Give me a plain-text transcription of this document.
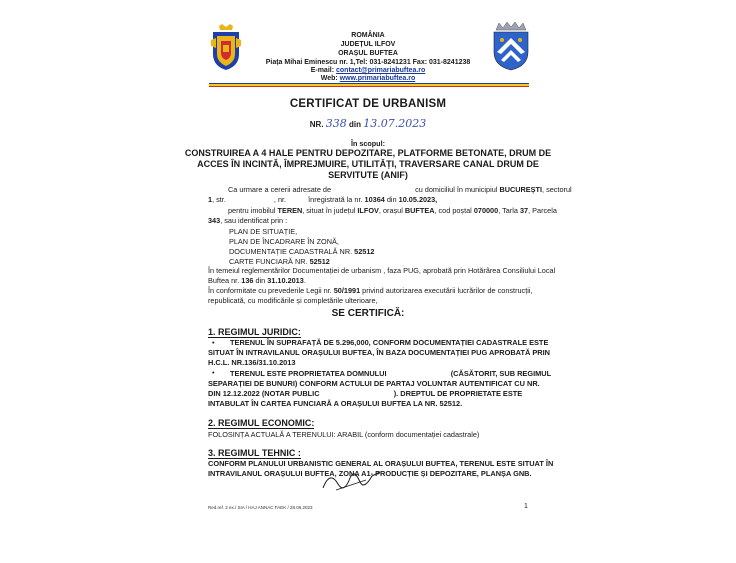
ROMÂNIA
JUDEȚUL ILFOV
ORAȘUL BUFTEA
Piața Mihai Eminescu nr. 1,Tel: 031-8241231 Fax: 031-8241238
E-mail: contact@primariabuftea.ro
Web: www.primariabuftea.ro
CERTIFICAT DE URBANISM
NR. 338 din 13.07.2023
În scopul:
CONSTRUIREA A 4 HALE PENTRU DEPOZITARE, PLATFORME BETONATE, DRUM DE
ACCES ÎN INCINTĂ, ÎMPREJMUIRE, UTILITĂȚI, TRAVERSARE CANAL DRUM DE
SERVITUTE (ANIF)
Ca urmare a cererii adresate de	cu domiciliul în municipiul BUCUREȘTI, sectorul
1, str.	, nr.	înregistrată la nr. 10364 din 10.05.2023,
pentru imobilul TEREN, situat în județul ILFOV, orașul BUFTEA, cod poștal 070000, Tarla 37, Parcela
343, sau identificat prin :
PLAN DE SITUAȚIE,
PLAN DE ÎNCADRARE ÎN ZONĂ,
DOCUMENTAȚIE CADASTRALĂ NR. 52512
CARTE FUNCIARĂ NR. 52512
În temeiul reglementărilor Documentației de urbanism , faza PUG, aprobată prin Hotărârea Consiliului Local
Buftea nr. 136 din 31.10.2013.
În conformitate cu prevederile Legii nr. 50/1991 privind autorizarea executării lucrărilor de construcții,
republicată, cu modificările și completările ulterioare,
SE CERTIFICĂ:
1. REGIMUL JURIDIC:
• TERENUL ÎN SUPRAFAȚĂ DE 5.296,000, CONFORM DOCUMENTAȚIEI CADASTRALE ESTE
SITUAT ÎN INTRAVILANUL ORAȘULUI BUFTEA, ÎN BAZA DOCUMENTAȚIEI PUG APROBATĂ PRIN
H.C.L. NR.136/31.10.2013
• TERENUL ESTE PROPRIETATEA DOMNULUI	(CĂSĂTORIT, SUB REGIMUL
SEPARAȚIEI DE BUNURI) CONFORM ACTULUI DE PARTAJ VOLUNTAR AUTENTIFICAT CU NR.
DIN 12.12.2022 (NOTAR PUBLIC	). DREPTUL DE PROPRIETATE ESTE
INTABULAT ÎN CARTEA FUNCIARĂ A ORAȘULUI BUFTEA LA NR. 52512.
2. REGIMUL ECONOMIC:
FOLOSINȚA ACTUALĂ A TERENULUI: ARABIL (conform documentației cadastrale)
3. REGIMUL TEHNIC :
CONFORM PLANULUI URBANISTIC GENERAL AL ORAȘULUI BUFTEA, TERENUL ESTE SITUAT ÎN
INTRAVILANUL ORAȘULUI BUFTEA, ZONA A1- PRODUCȚIE ȘI DEPOZITARE, PLANȘA GNB.
Red.ref. 2 ex./ SIA / HAJ ANNAC FAEK / 28.06.2023	1
